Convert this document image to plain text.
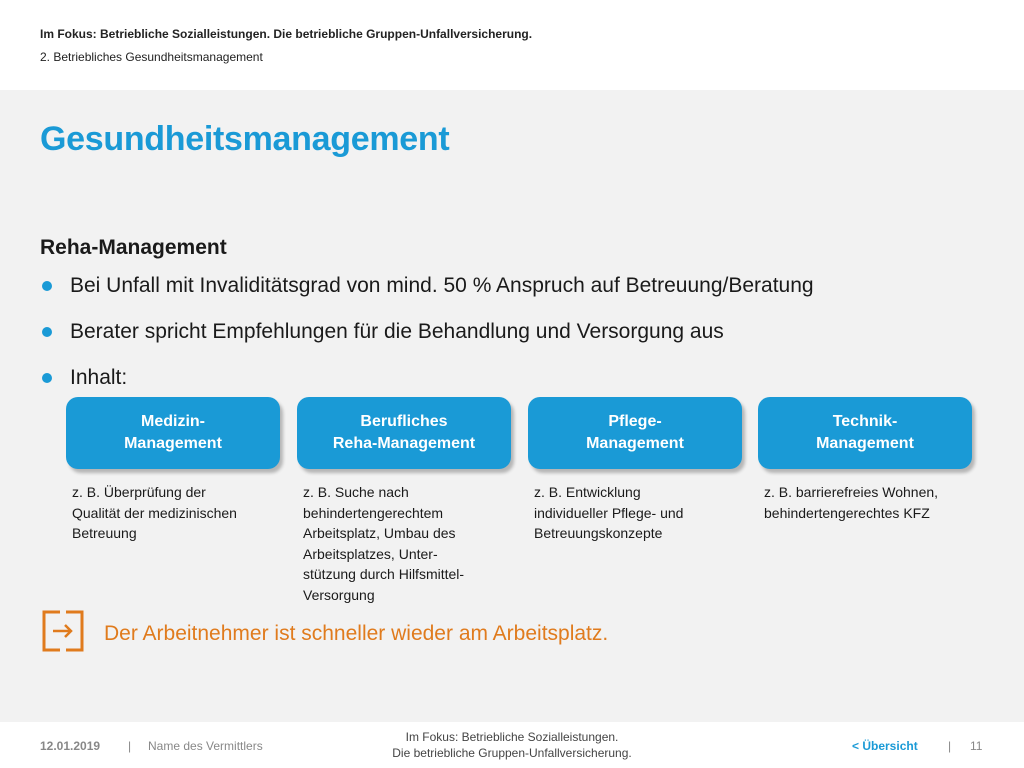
Im Fokus: Betriebliche Sozialleistungen. Die betriebliche Gruppen-Unfallversicherung.
2. Betriebliches Gesundheitsmanagement
Gesundheitsmanagement
Reha-Management
Bei Unfall mit Invaliditätsgrad von mind. 50 % Anspruch auf Betreuung/Beratung
Berater spricht Empfehlungen für die Behandlung und Versorgung aus
Inhalt:
Medizin-
Management
z. B. Überprüfung der
Qualität der medizinischen
Betreuung
Berufliches
Reha-Management
z. B. Suche nach
behindertengerechtem
Arbeitsplatz, Umbau des
Arbeitsplatzes, Unter-
stützung durch Hilfsmittel-
Versorgung
Pflege-
Management
z. B. Entwicklung
individueller Pflege- und
Betreuungskonzepte
Technik-
Management
z. B. barrierefreies Wohnen,
behindertengerechtes KFZ
Der Arbeitnehmer ist schneller wieder am Arbeitsplatz.
12.01.2019 | Name des Vermittlers
Im Fokus: Betriebliche Sozialleistungen.
Die betriebliche Gruppen-Unfallversicherung.	< Übersicht	| 11
